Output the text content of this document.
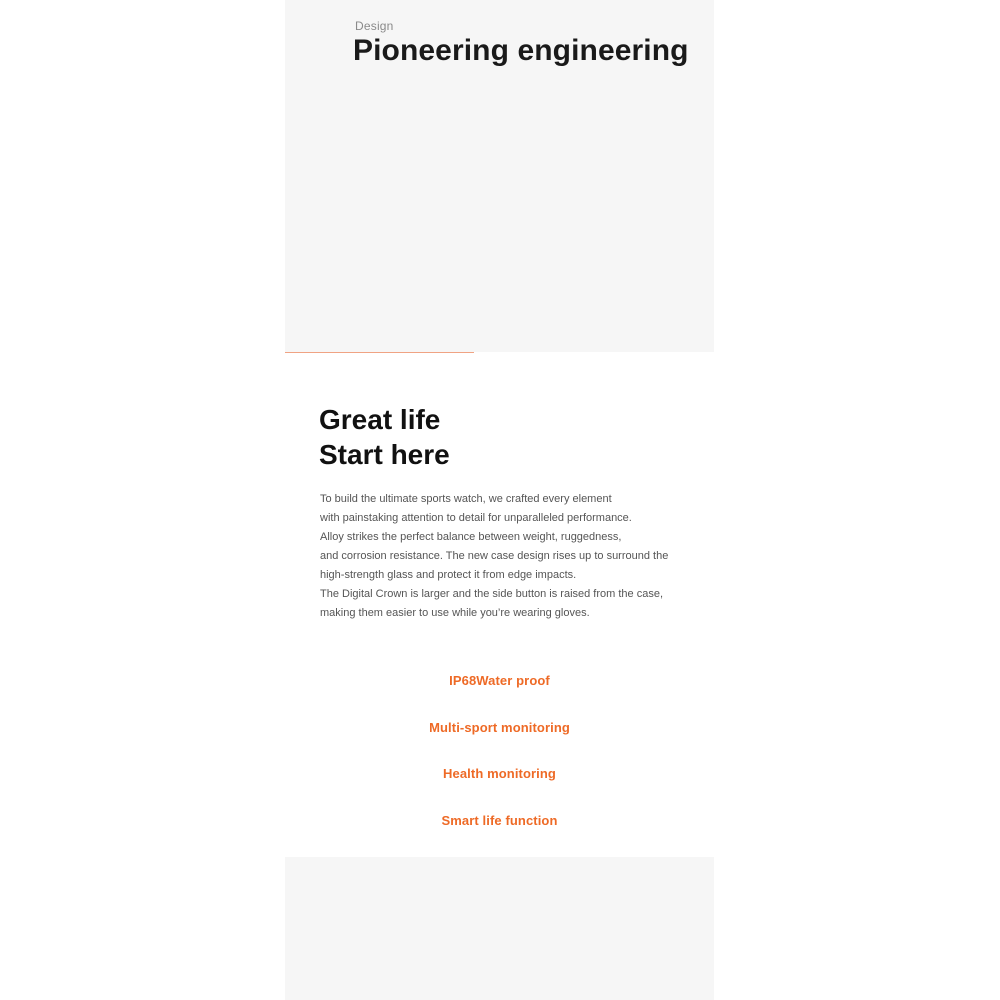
Design
Pioneering engineering
Great life
Start here

To build the ultimate sports watch, we crafted every element
with painstaking attention to detail for unparalleled performance.
Alloy strikes the perfect balance between weight, ruggedness,
and corrosion resistance. The new case design rises up to surround the
high-strength glass and protect it from edge impacts.
The Digital Crown is larger and the side button is raised from the case,
making them easier to use while you’re wearing gloves.

IP68Water proof
Multi-sport monitoring
Health monitoring
Smart life function
